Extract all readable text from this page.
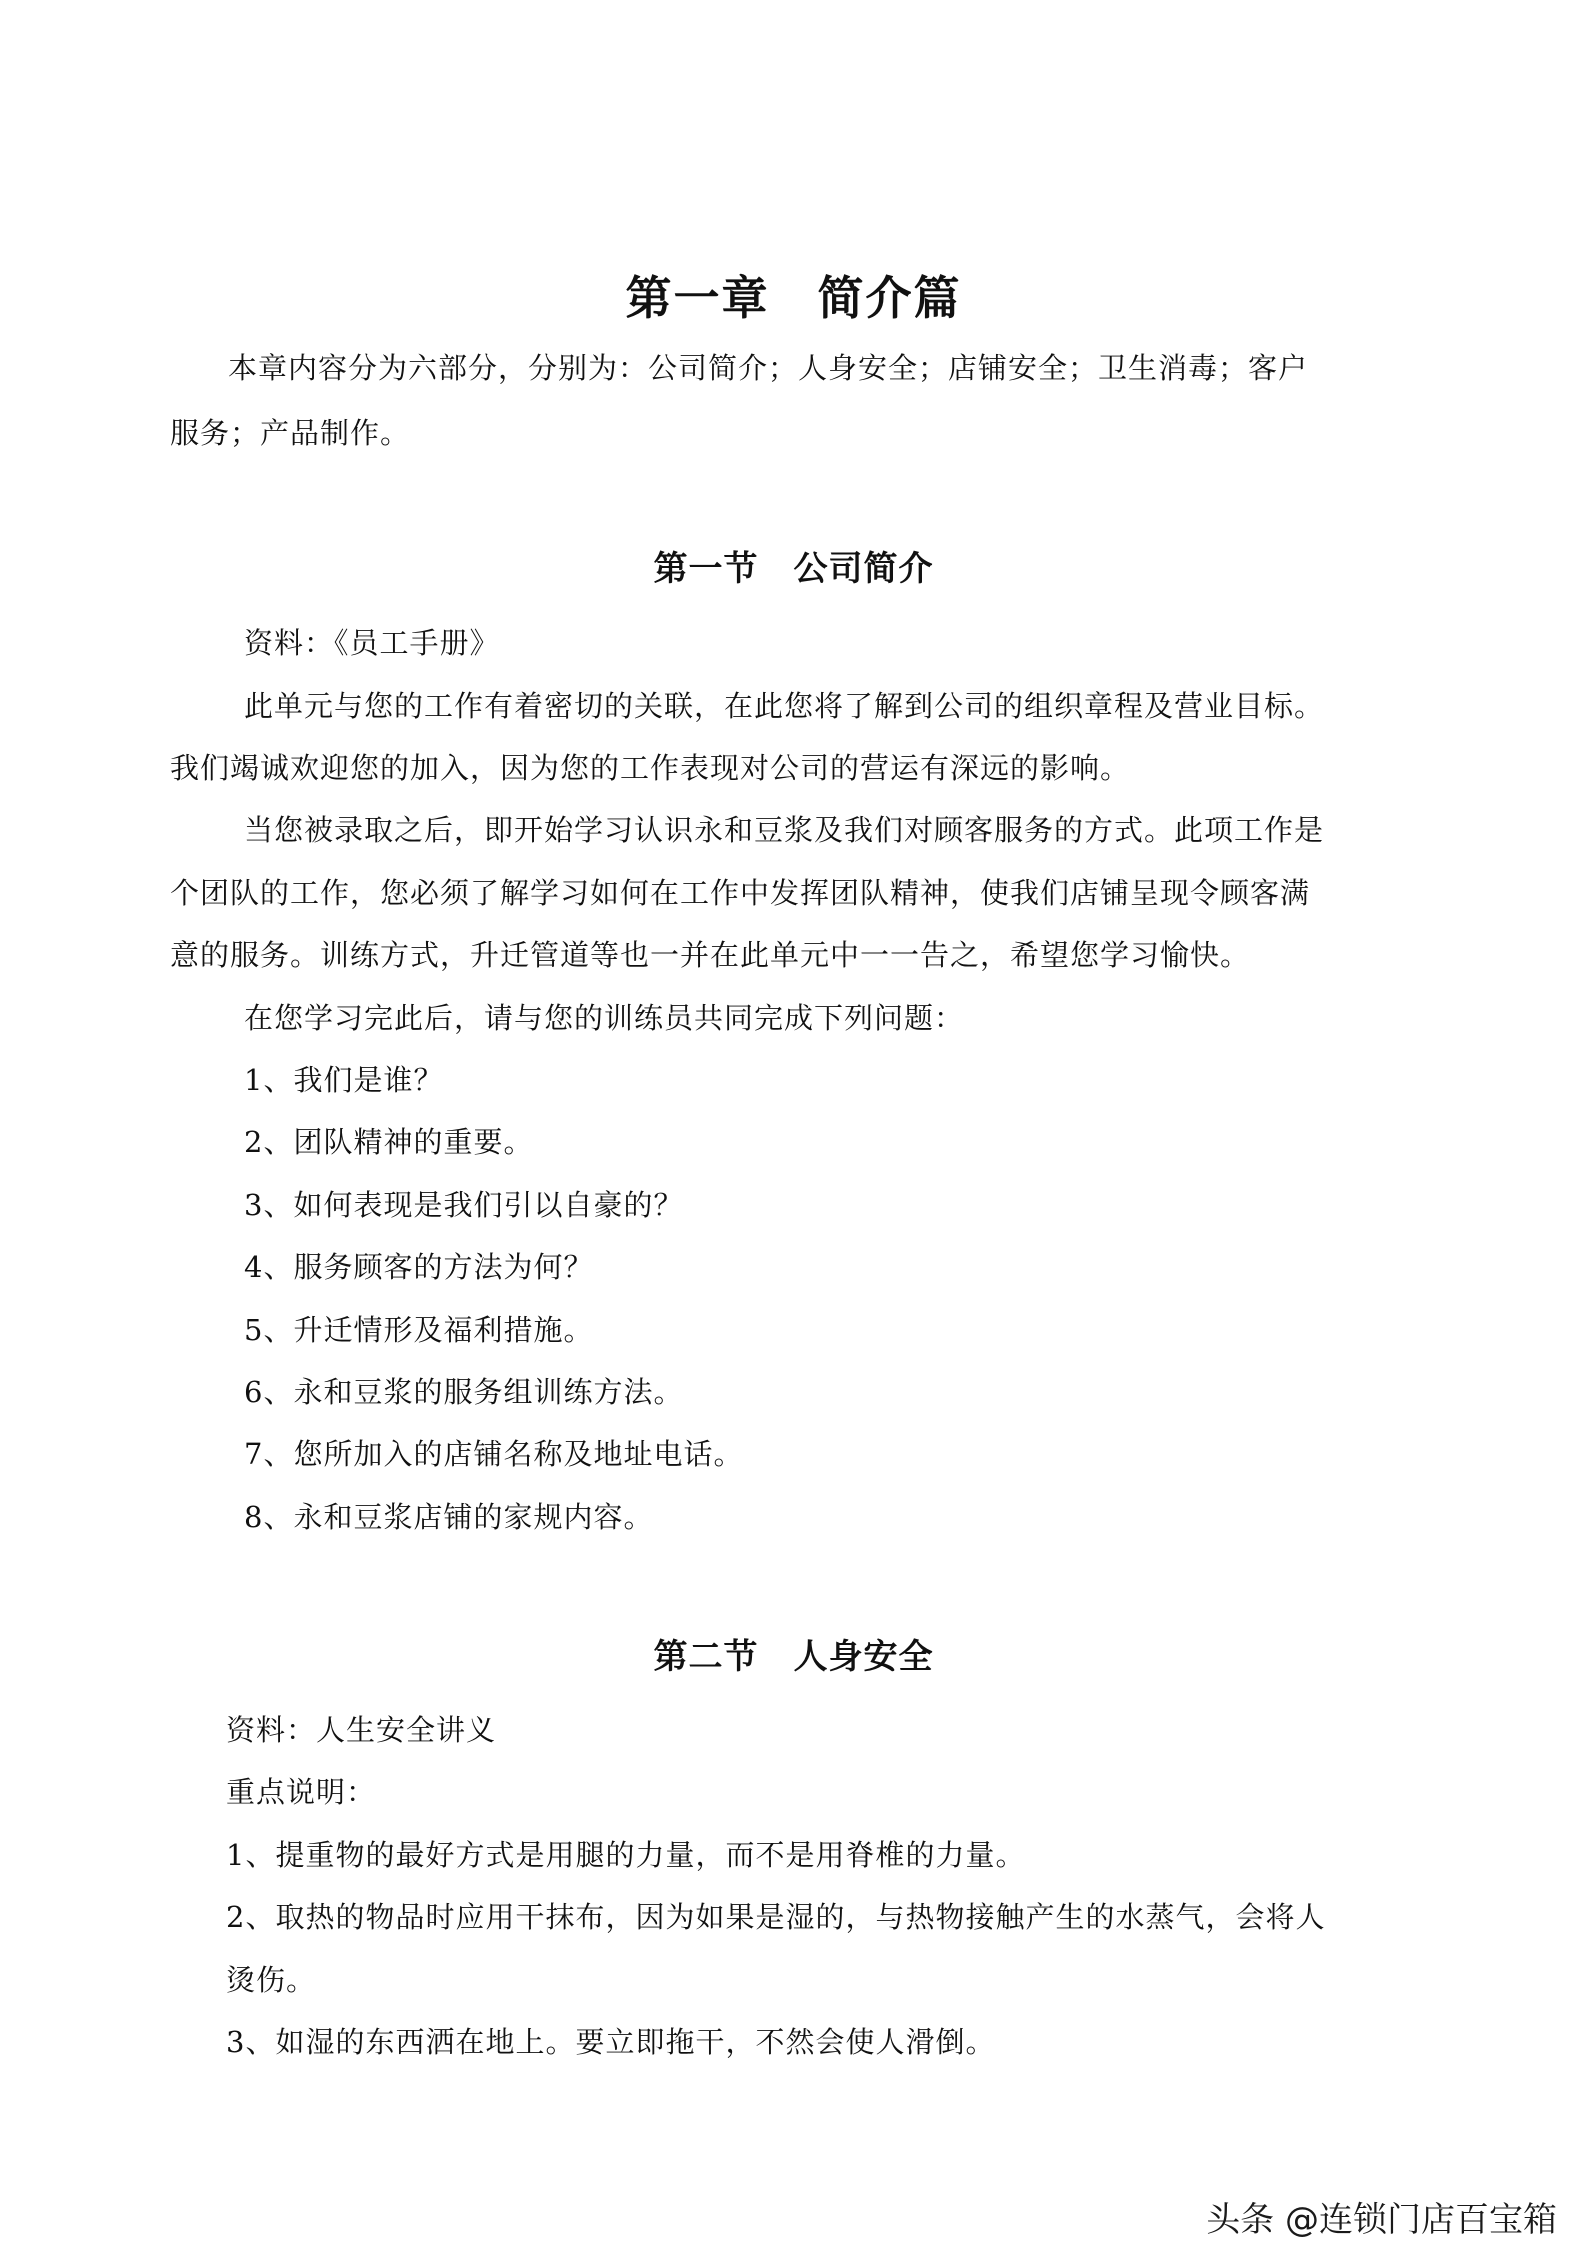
第一章　简介篇
本章内容分为六部分，分别为：公司简介；人身安全；店铺安全；卫生消毒；客户
服务；产品制作。
第一节　公司简介
资料：《员工手册》
此单元与您的工作有着密切的关联，在此您将了解到公司的组织章程及营业目标。
我们竭诚欢迎您的加入，因为您的工作表现对公司的营运有深远的影响。
当您被录取之后，即开始学习认识永和豆浆及我们对顾客服务的方式。此项工作是
个团队的工作，您必须了解学习如何在工作中发挥团队精神，使我们店铺呈现令顾客满
意的服务。训练方式，升迁管道等也一并在此单元中一一告之，希望您学习愉快。
在您学习完此后，请与您的训练员共同完成下列问题：
1、我们是谁？
2、团队精神的重要。
3、如何表现是我们引以自豪的？
4、服务顾客的方法为何？
5、升迁情形及福利措施。
6、永和豆浆的服务组训练方法。
7、您所加入的店铺名称及地址电话。
8、永和豆浆店铺的家规内容。
第二节　人身安全
资料：人生安全讲义
重点说明：
1、提重物的最好方式是用腿的力量，而不是用脊椎的力量。
2、取热的物品时应用干抹布，因为如果是湿的，与热物接触产生的水蒸气，会将人
烫伤。
3、如湿的东西洒在地上。要立即拖干，不然会使人滑倒。
头条 @连锁门店百宝箱
